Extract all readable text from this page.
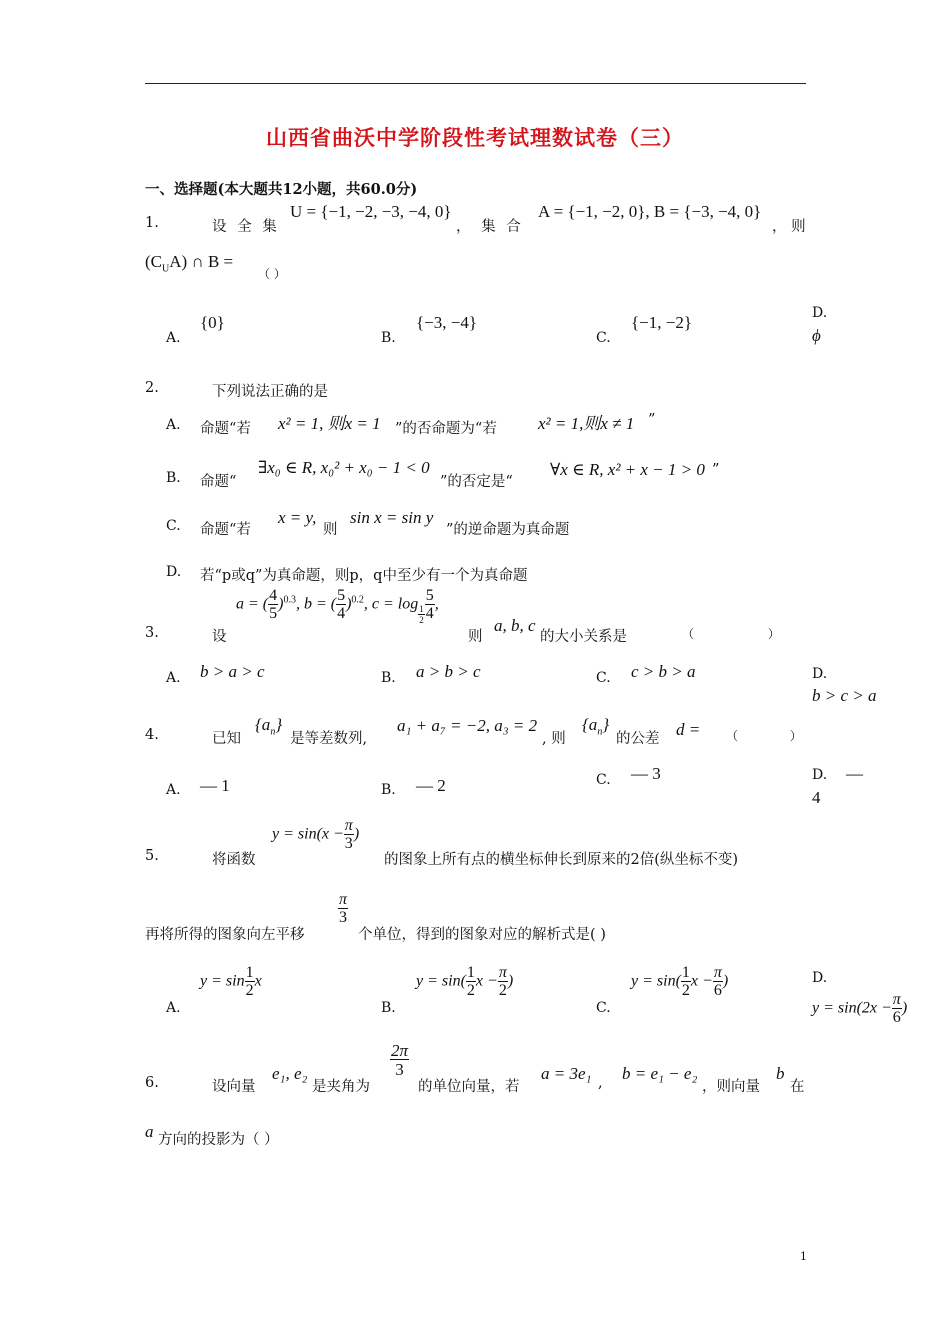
山西省曲沃中学阶段性考试理数试卷（三）
一、选择题(本大题共12小题，共60.0分)
1.	设 全 集
U = {−1, −2, −3, −4, 0}
， 集 合
A = {−1, −2, 0}, B = {−3, −4, 0}
， 则
$(C_UA)$ ∩ B =
（ ）
A.
{0}
B.
{−3, −4}
C.
{−1, −2}	D.
ϕ
2.	下列说法正确的是
A. 命题“若 x² = 1, 则x = 1 ”的否命题为“若 x² = 1,则x ≠ 1 ”
B. 命题“
∃x₀ ∈ R, x₀² + x₀ − 1 < 0
”的否定是“
∀x ∈ R, x² + x − 1 > 0 ”
C. 命题“若
x = y,
则
sin x = sin y
”的逆命题为真命题
D. 若“p或q”为真命题，则p，q中至少有一个为真命题
3.	设
a = ( $\frac{4}{5} )^{0.3}$, b = ( $\frac{5}{4} )^{0.2}$, c = log
$\frac{1}{2} \frac{5}{4}$ ,
则
a, b, c
的大小关系是	（ ）
A. b > a > c	B. a > b > c	C. c > b > a	D.
b > c > a
4.	已知
$\{a_n\}$
是等差数列,
a₁ + a₇ = −2, a₃ = 2
, 则
$\{a_n\}$
的公差 d = （ ）
A. — 1	B. — 2	C. — 3	D. —
4
5.	将函数
$y = \sin(x - \frac{\pi}{3}$ )
的图象上所有点的横坐标伸长到原来的2倍(纵坐标不变)
再将所得的图象向左平移
$\frac{\pi}{3}$
个单位，得到的图象对应的解析式是( )
A.
$y = \sin \frac{1}{2}$ x
B.
$y = \sin( \frac{1}{2}$ $x - \frac{\pi}{2}$ )
C.
$y = \sin( \frac{1}{2}$ $x - \frac{\pi}{6}$ )	D.
$y = \sin(2x - \frac{\pi}{6}$ )
6.	设向量
e₁, e₂
是夹角为
$\frac{2\pi}{3}$
的单位向量，若
a = 3e₁ , b = e₁ − e₂
，则向量
b
在
a 方向的投影为（ ）
1
